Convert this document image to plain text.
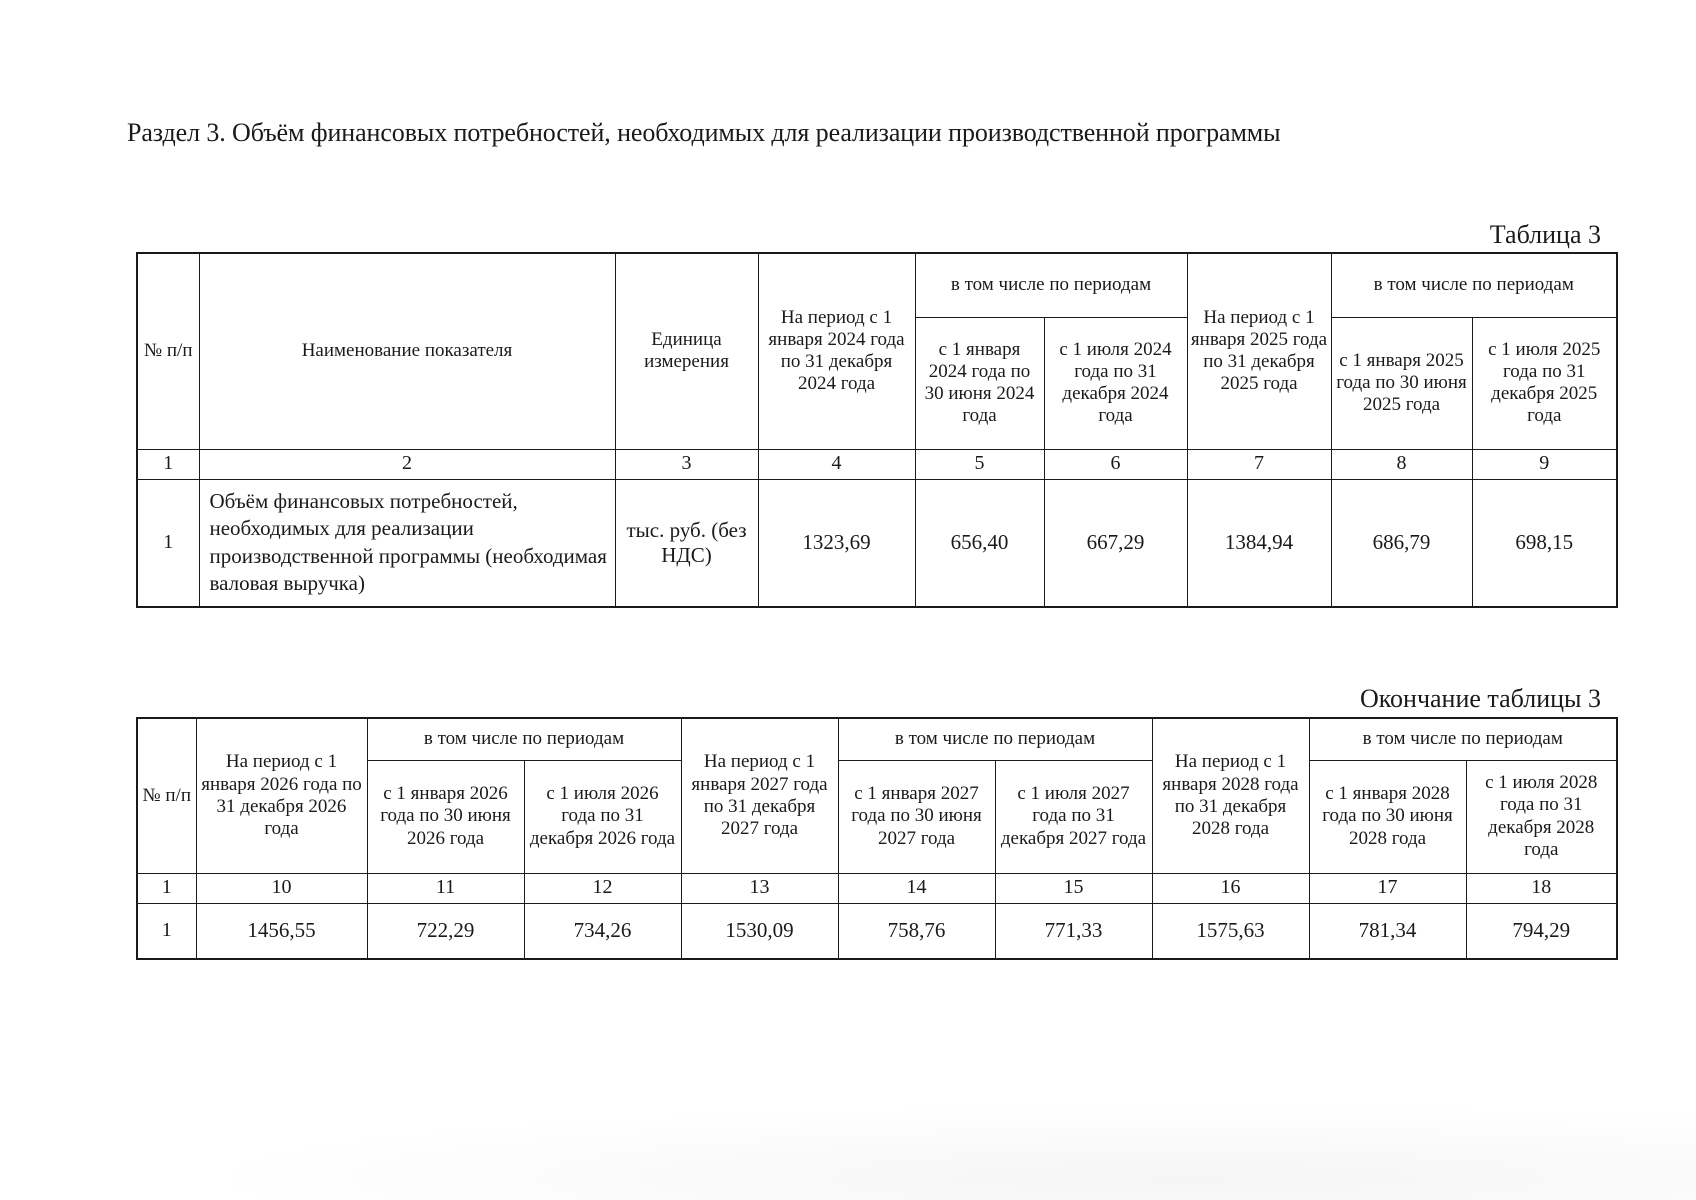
Раздел 3. Объём финансовых потребностей, необходимых для реализации производственной программы
Таблица 3
№ п/п	Наименование показателя	Единица измерения	На период с 1 января 2024 года по 31 декабря 2024 года	в том числе по периодам		На период с 1 января 2025 года по 31 декабря 2025 года	в том числе по периодам	
				с 1 января 2024 года по 30 июня 2024 года	с 1 июля 2024 года по 31 декабря 2024 года		с 1 января 2025 года по 30 июня 2025 года	с 1 июля 2025 года по 31 декабря 2025 года
1	2	3	4	5	6	7	8	9
1	Объём финансовых потребностей, необходимых для реализации производственной программы (необходимая валовая выручка)	тыс. руб. (без НДС)	1323,69	656,40	667,29	1384,94	686,79	698,15
Окончание таблицы 3
№ п/п	На период с 1 января 2026 года по 31 декабря 2026 года	в том числе по периодам		На период с 1 января 2027 года по 31 декабря 2027 года	в том числе по периодам		На период с 1 января 2028 года по 31 декабря 2028 года	в том числе по периодам	
		с 1 января 2026 года по 30 июня 2026 года	с 1 июля 2026 года по 31 декабря 2026 года		с 1 января 2027 года по 30 июня 2027 года	с 1 июля 2027 года по 31 декабря 2027 года		с 1 января 2028 года по 30 июня 2028 года	с 1 июля 2028 года по 31 декабря 2028 года
1	10	11	12	13	14	15	16	17	18
1	1456,55	722,29	734,26	1530,09	758,76	771,33	1575,63	781,34	794,29
